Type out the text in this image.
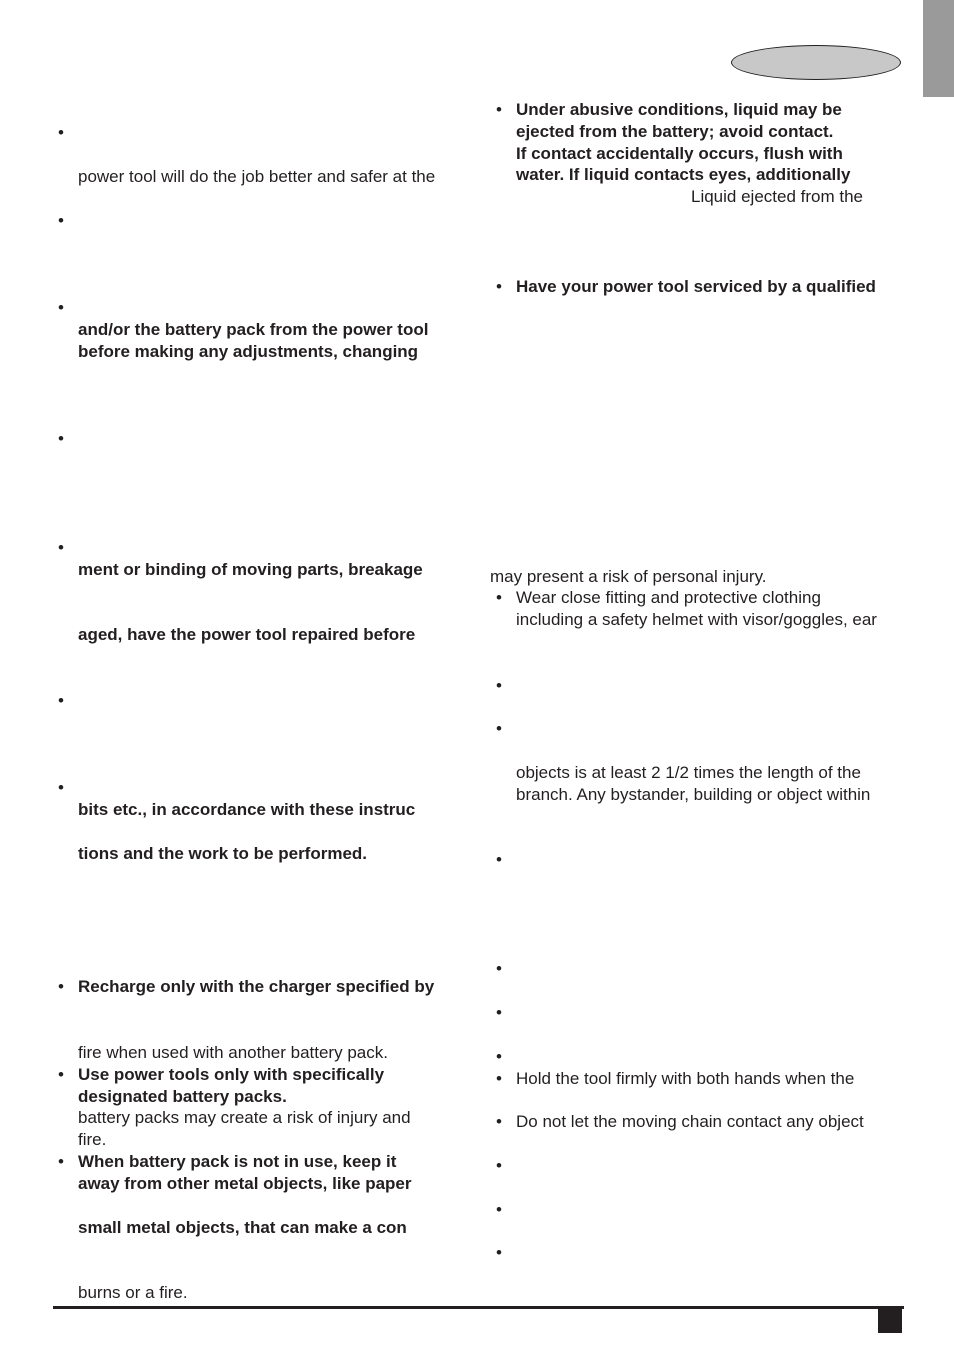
•
•
•
•
•
•
•
•
•
•
power tool will do the job better and safer at the
and/or the battery pack from the power tool
before making any adjustments, changing
ment or binding of moving parts, breakage
aged, have the power tool repaired before
bits etc., in accordance with these instruc
tions and the work to be performed.
Recharge only with the charger specified by
fire when used with another battery pack.
Use power tools only with specifically
designated battery packs.
battery packs may create a risk of injury and
fire.
When battery pack is not in use, keep it
away from other metal objects, like paper
small metal objects, that can make a con
burns or a fire.
•
•
•
•
•
•
•
•
•
•
•
•
•
•
Under abusive conditions, liquid may be
ejected from the battery; avoid contact.
If contact accidentally occurs, flush with
water. If liquid contacts eyes, additionally
Liquid ejected from the
Have your power tool serviced by a qualified
may present a risk of personal injury.
Wear close fitting and protective clothing
including a safety helmet with visor/goggles, ear
objects is at least 2 1/2 times the length of the
branch. Any bystander, building or object within
Hold the tool firmly with both hands when the
Do not let the moving chain contact any object
